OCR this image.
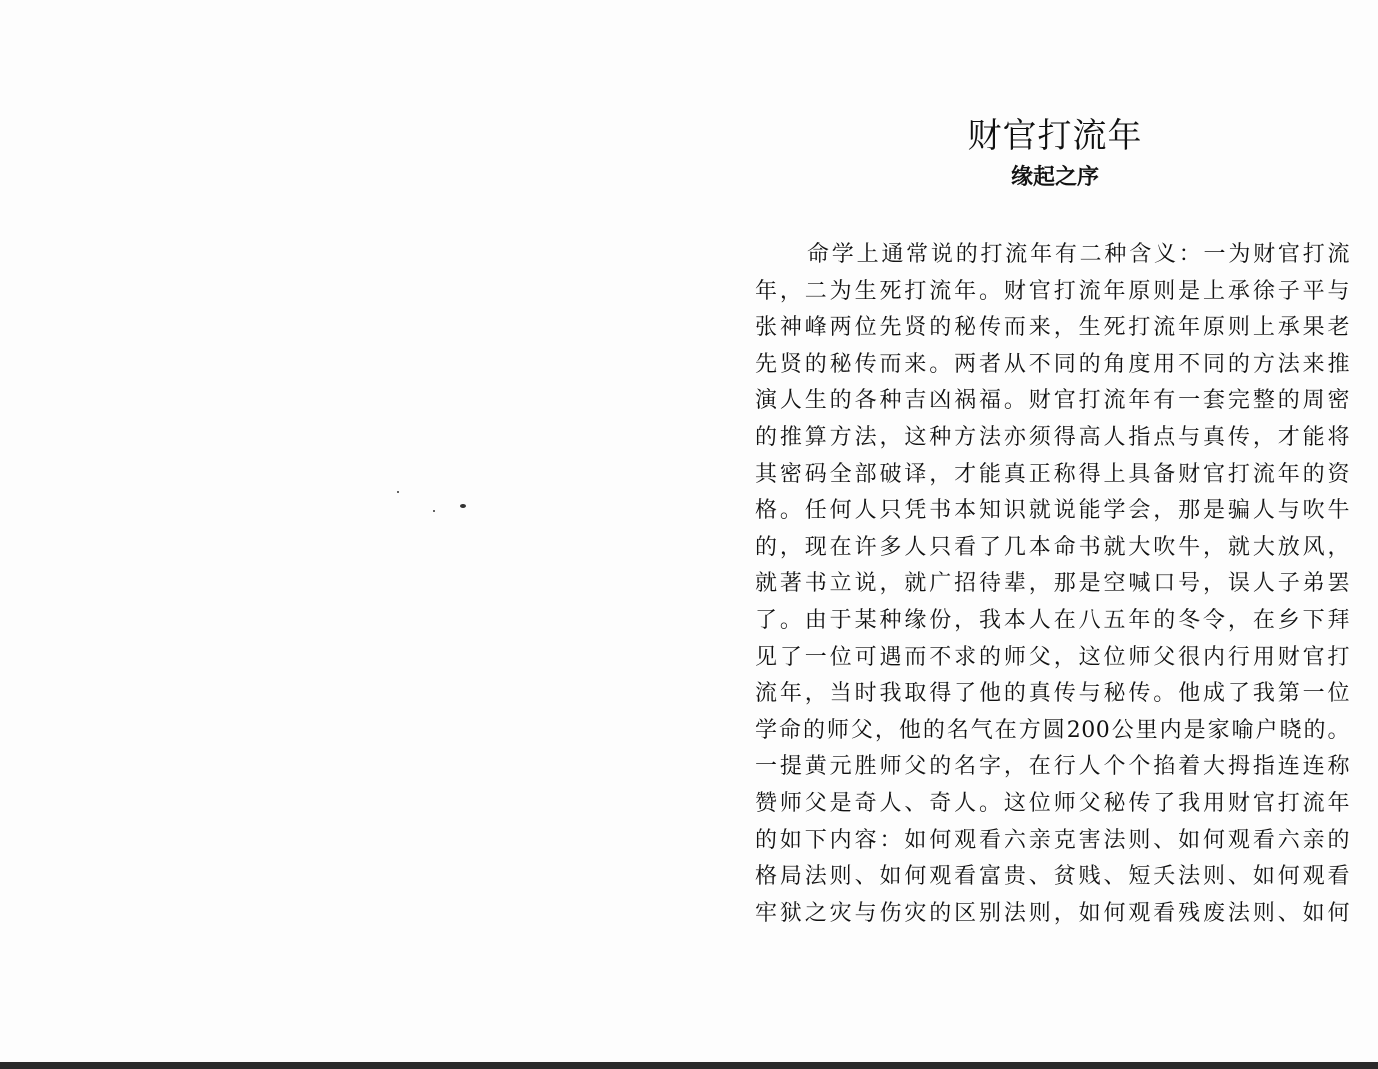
财官打流年
缘起之序
命学上通常说的打流年有二种含义：一为财官打流
年，二为生死打流年。财官打流年原则是上承徐子平与
张神峰两位先贤的秘传而来，生死打流年原则上承果老
先贤的秘传而来。两者从不同的角度用不同的方法来推
演人生的各种吉凶祸福。财官打流年有一套完整的周密
的推算方法，这种方法亦须得高人指点与真传，才能将
其密码全部破译，才能真正称得上具备财官打流年的资
格。任何人只凭书本知识就说能学会，那是骗人与吹牛
的，现在许多人只看了几本命书就大吹牛，就大放风，
就著书立说，就广招待辈，那是空喊口号，误人子弟罢
了。由于某种缘份，我本人在八五年的冬令，在乡下拜
见了一位可遇而不求的师父，这位师父很内行用财官打
流年，当时我取得了他的真传与秘传。他成了我第一位
学命的师父，他的名气在方圆200公里内是家喻户晓的。
一提黄元胜师父的名字，在行人个个掐着大拇指连连称
赞师父是奇人、奇人。这位师父秘传了我用财官打流年
的如下内容：如何观看六亲克害法则、如何观看六亲的
格局法则、如何观看富贵、贫贱、短夭法则、如何观看
牢狱之灾与伤灾的区别法则，如何观看残废法则、如何
